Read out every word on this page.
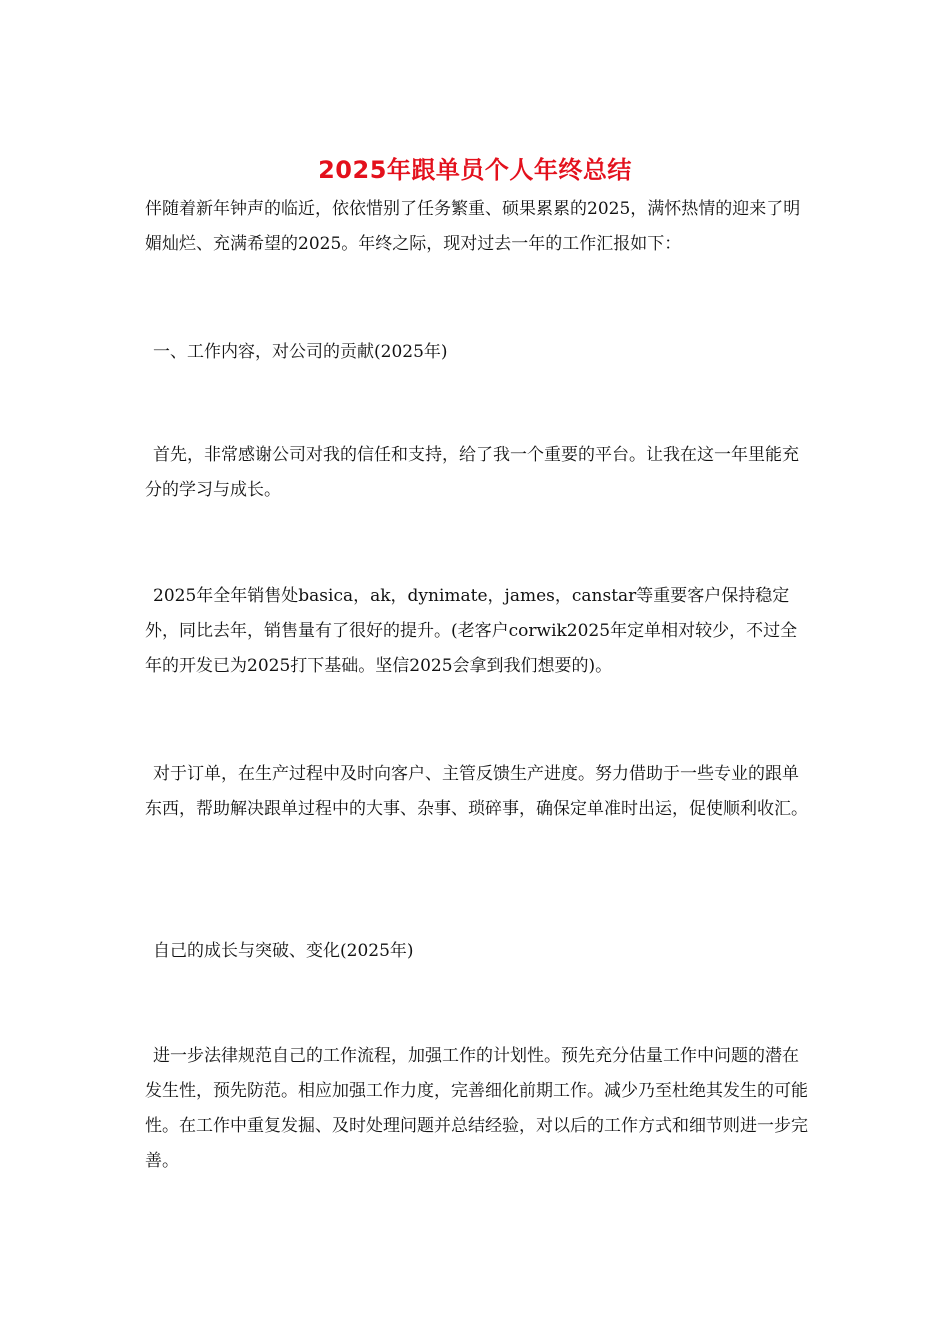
2025年跟单员个人年终总结

伴随着新年钟声的临近，依依惜别了任务繁重、硕果累累的2025，满怀热情的迎来了明媚灿烂、充满希望的2025。年终之际，现对过去一年的工作汇报如下：

一、工作内容，对公司的贡献(2025年)

首先，非常感谢公司对我的信任和支持，给了我一个重要的平台。让我在这一年里能充分的学习与成长。

2025年全年销售处basica，ak，dynimate，james，canstar等重要客户保持稳定外，同比去年，销售量有了很好的提升。(老客户corwik2025年定单相对较少，不过全年的开发已为2025打下基础。坚信2025会拿到我们想要的)。

对于订单，在生产过程中及时向客户、主管反馈生产进度。努力借助于一些专业的跟单东西，帮助解决跟单过程中的大事、杂事、琐碎事，确保定单准时出运，促使顺利收汇。

自己的成长与突破、变化(2025年)

进一步法律规范自己的工作流程，加强工作的计划性。预先充分估量工作中问题的潜在发生性，预先防范。相应加强工作力度，完善细化前期工作。减少乃至杜绝其发生的可能性。在工作中重复发掘、及时处理问题并总结经验，对以后的工作方式和细节则进一步完善。
